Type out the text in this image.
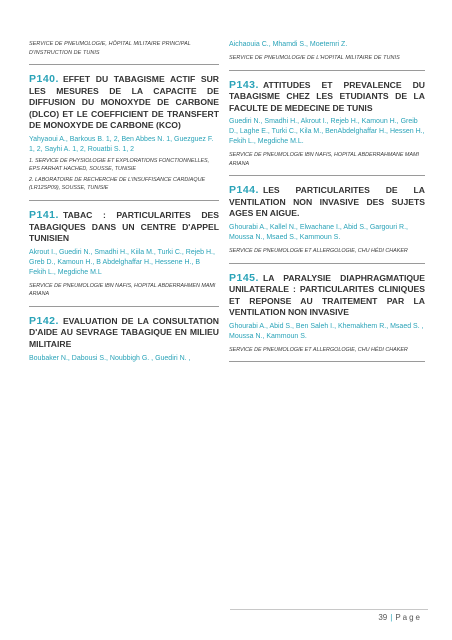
SERVICE DE PNEUMOLOGIE, HÔPITAL MILITAIRE PRINCIPAL D'INSTRUCTION DE TUNIS
P140. EFFET DU TABAGISME ACTIF SUR LES MESURES DE LA CAPACITE DE DIFFUSION DU MONOXYDE DE CARBONE (DLCO) ET LE COEFFICIENT DE TRANSFERT DE MONOXYDE DE CARBONE (KCO)
Yahyaoui A., Barkous B. 1, 2, Ben Abbes N. 1, Guezguez F. 1, 2, Sayhi A. 1, 2, Rouatbi S. 1, 2
1. SERVICE DE PHYSIOLOGIE ET EXPLORATIONS FONCTIONNELLES, EPS FARHAT HACHED, SOUSSE, TUNISIE
2. LABORATOIRE DE RECHERCHE DE L'INSUFFISANCE CARDIAQUE (LR12SP09), SOUSSE, TUNISIE
P141. TABAC : PARTICULARITES DES TABAGIQUES DANS UN CENTRE D'APPEL TUNISIEN
Akrout I., Guediri N., Smadhi H., Kiila M., Turki C., Rejeb H., Greb D., Kamoun H., B Abdelghaffar H., Hessene H., B Fekih L., Megdiche M.L
SERVICE DE PNEUMOLOGIE IBN NAFIS, HOPITAL ABDERRAHMEN MAMI ARIANA
P142. EVALUATION DE LA CONSULTATION D'AIDE AU SEVRAGE TABAGIQUE EN MILIEU MILITAIRE
Boubaker N., Dabousi S., Noubbigh G. , Guediri N. ,
Aichaouia C., Mhamdi S., Moetemri Z.
SERVICE DE PNEUMOLOGIE DE L'HOPITAL MILITAIRE DE TUNIS
P143. ATTITUDES ET PREVALENCE DU TABAGISME CHEZ LES ETUDIANTS DE LA FACULTE DE MEDECINE DE TUNIS
Guediri N., Smadhi H., Akrout I., Rejeb H., Kamoun H., Greib D., Laghe E., Turki C., Kila M., BenAbdelghaffar H., Hessen H., Fekih L., Megdiche M.L.
SERVICE DE PNEUMOLOGIE IBN NAFIS, HOPITAL ABDERRAHMANE MAMI ARIANA
P144. LES PARTICULARITES DE LA VENTILATION NON INVASIVE DES SUJETS AGES EN AIGUE.
Ghourabi A., Kallel N., Elwachane I., Abid S., Gargouri R., Moussa N., Msaed S., Kammoun S.
SERVICE DE PNEUMOLOGIE ET ALLERGOLOGIE, CHU HÉDI CHAKER
P145. LA PARALYSIE DIAPHRAGMATIQUE UNILATERALE : PARTICULARITES CLINIQUES ET REPONSE AU TRAITEMENT PAR LA VENTILATION NON INVASIVE
Ghourabi A., Abid S., Ben Saleh I., Khemakhem R., Msaed S. , Moussa N., Kammoun S.
SERVICE DE PNEUMOLOGIE ET ALLERGOLOGIE, CHU HÉDI CHAKER
39 | Page
